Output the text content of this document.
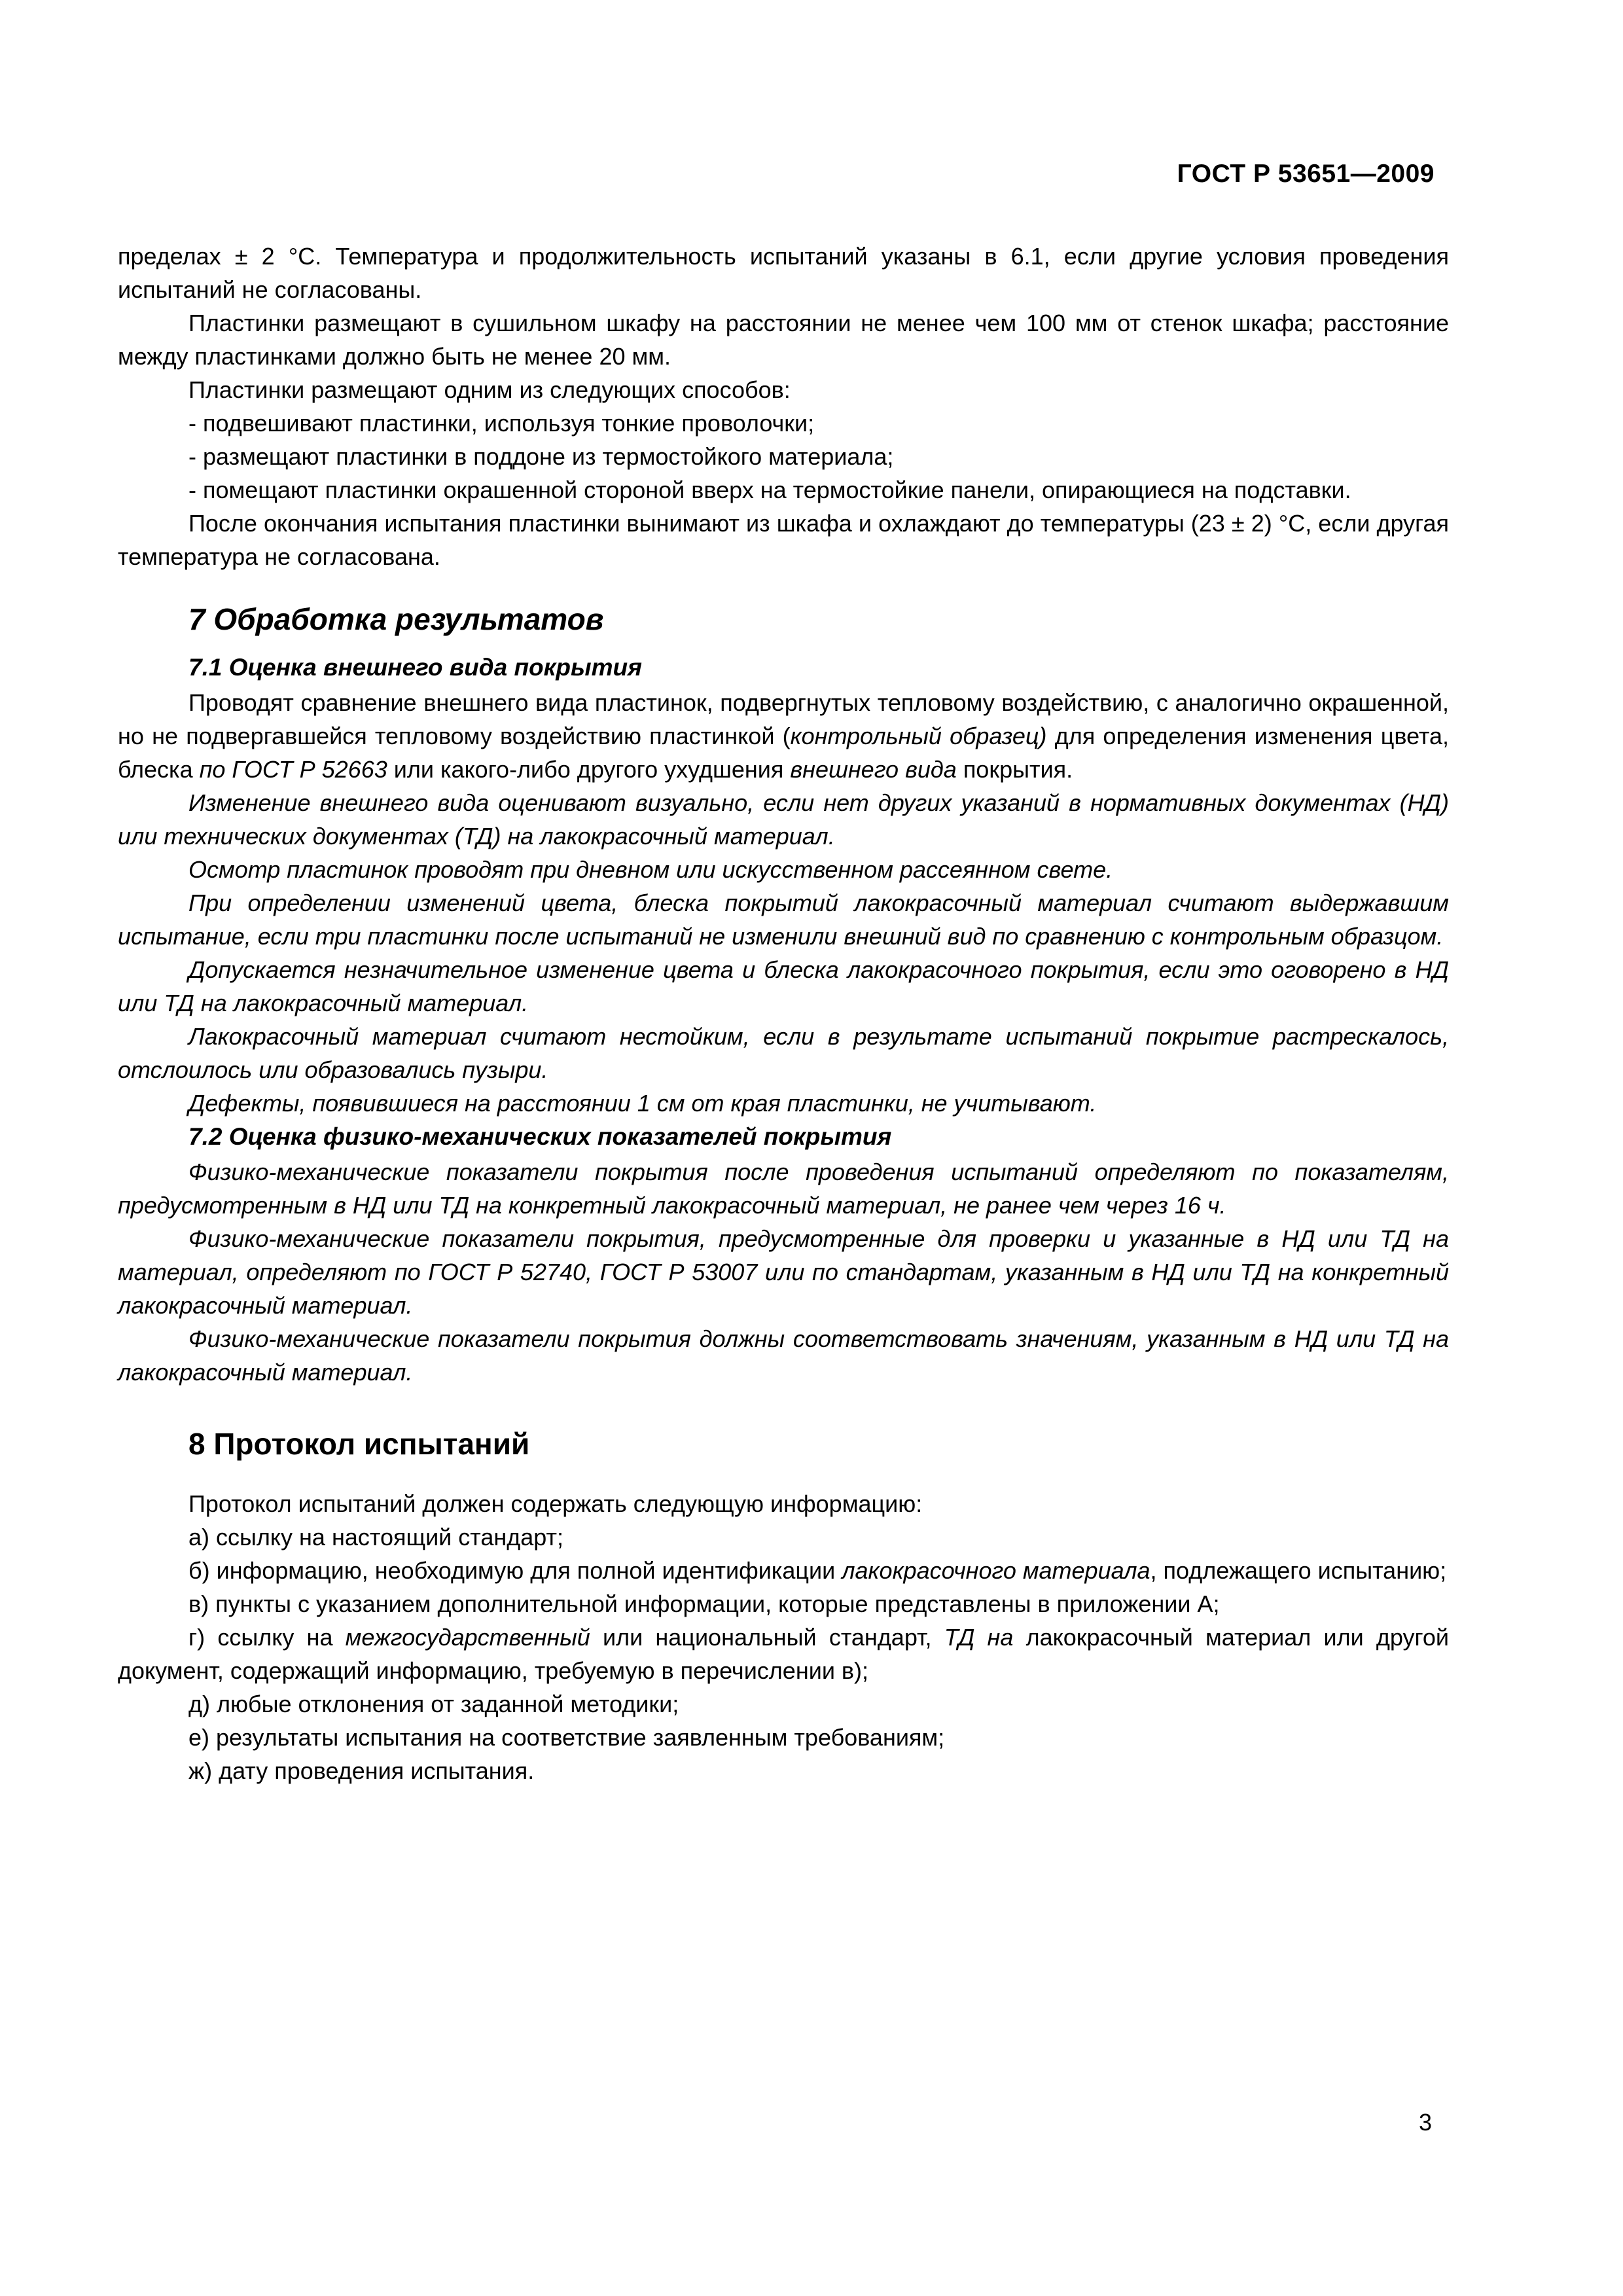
ГОСТ Р 53651—2009

пределах ± 2 °С. Температура и продолжительность испытаний указаны в 6.1, если другие условия проведения испытаний не согласованы.

Пластинки размещают в сушильном шкафу на расстоянии не менее чем 100 мм от стенок шкафа; расстояние между пластинками должно быть не менее 20 мм.

Пластинки размещают одним из следующих способов:

- подвешивают пластинки, используя тонкие проволочки;

- размещают пластинки в поддоне из термостойкого материала;

- помещают пластинки окрашенной стороной вверх на термостойкие панели, опирающиеся на подставки.

После окончания испытания пластинки вынимают из шкафа и охлаждают до температуры (23 ± 2) °С, если другая температура не согласована.

7 Обработка результатов
7.1 Оценка внешнего вида покрытия

Проводят сравнение внешнего вида пластинок, подвергнутых тепловому воздействию, с аналогично окрашенной, но не подвергавшейся тепловому воздействию пластинкой (контрольный образец) для определения изменения цвета, блеска по ГОСТ Р 52663 или какого-либо другого ухудшения внешнего вида покрытия.

Изменение внешнего вида оценивают визуально, если нет других указаний в нормативных документах (НД) или технических документах (ТД) на лакокрасочный материал.

Осмотр пластинок проводят при дневном или искусственном рассеянном свете.

При определении изменений цвета, блеска покрытий лакокрасочный материал считают выдержавшим испытание, если три пластинки после испытаний не изменили внешний вид по сравнению с контрольным образцом.

Допускается незначительное изменение цвета и блеска лакокрасочного покрытия, если это оговорено в НД или ТД на лакокрасочный материал.

Лакокрасочный материал считают нестойким, если в результате испытаний покрытие растрескалось, отслоилось или образовались пузыри.

Дефекты, появившиеся на расстоянии 1 см от края пластинки, не учитывают.

7.2 Оценка физико-механических показателей покрытия

Физико-механические показатели покрытия после проведения испытаний определяют по показателям, предусмотренным в НД или ТД на конкретный лакокрасочный материал, не ранее чем через 16 ч.

Физико-механические показатели покрытия, предусмотренные для проверки и указанные в НД или ТД на материал, определяют по ГОСТ Р 52740, ГОСТ Р 53007 или по стандартам, указанным в НД или ТД на конкретный лакокрасочный материал.

Физико-механические показатели покрытия должны соответствовать значениям, указанным в НД или ТД на лакокрасочный материал.

8 Протокол испытаний

Протокол испытаний должен содержать следующую информацию:

а) ссылку на настоящий стандарт;

б) информацию, необходимую для полной идентификации лакокрасочного материала, подлежащего испытанию;

в) пункты с указанием дополнительной информации, которые представлены в приложении А;

г) ссылку на межгосударственный или национальный стандарт, ТД на лакокрасочный материал или другой документ, содержащий информацию, требуемую в перечислении в);

д) любые отклонения от заданной методики;

е) результаты испытания на соответствие заявленным требованиям;

ж) дату проведения испытания.

3
